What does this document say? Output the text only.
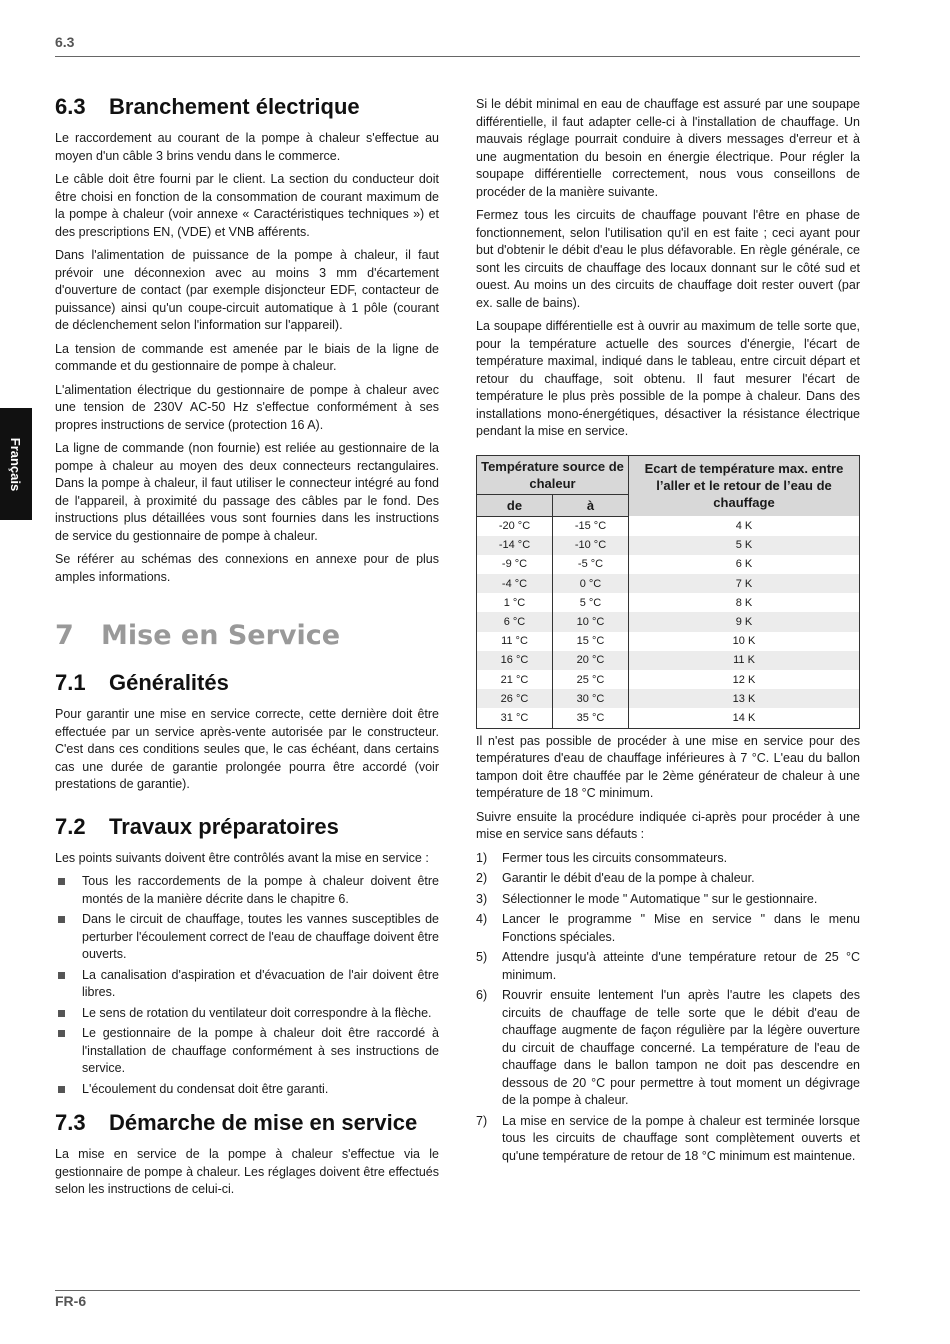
6.3
Français
6.3	Branchement électrique

Le raccordement au courant de la pompe à chaleur s'effectue au moyen d'un câble 3 brins vendu dans le commerce.

Le câble doit être fourni par le client. La section du conducteur doit être choisi en fonction de la consommation de courant maximum de la pompe à chaleur (voir annexe « Caractéristiques techniques ») et des prescriptions EN, (VDE) et VNB afférents.

Dans l'alimentation de puissance de la pompe à chaleur, il faut prévoir une déconnexion avec au moins 3 mm d'écartement d'ouverture de contact (par exemple disjoncteur EDF, contacteur de puissance) ainsi qu'un coupe-circuit automatique à 1 pôle (courant de déclenchement selon l'information sur l'appareil).

La tension de commande est amenée par le biais de la ligne de commande et du gestionnaire de pompe à chaleur.

L'alimentation électrique du gestionnaire de pompe à chaleur avec une tension de 230V AC-50 Hz s'effectue conformément à ses propres instructions de service (protection 16 A).

La ligne de commande (non fournie) est reliée au gestionnaire de la pompe à chaleur au moyen des deux connecteurs rectangulaires. Dans la pompe à chaleur, il faut utiliser le connecteur intégré au fond de l'appareil, à proximité du passage des câbles par le fond. Des instructions plus détaillées vous sont fournies dans les instructions de service du gestionnaire de pompe à chaleur.

Se référer au schémas des connexions en annexe pour de plus amples informations.

7	Mise en Service
7.1	Généralités

Pour garantir une mise en service correcte, cette dernière doit être effectuée par un service après-vente autorisée par le constructeur. C'est dans ces conditions seules que, le cas échéant, dans certains cas une durée de garantie prolongée pourra être accordé (voir prestations de garantie).

7.2	Travaux préparatoires

Les points suivants doivent être contrôlés avant la mise en service :

Tous les raccordements de la pompe à chaleur doivent être montés de la manière décrite dans le chapitre 6.
Dans le circuit de chauffage, toutes les vannes susceptibles de perturber l'écoulement correct de l'eau de chauffage doivent être ouverts.
La canalisation d'aspiration et d'évacuation de l'air doivent être libres.
Le sens de rotation du ventilateur doit correspondre à la flèche.
Le gestionnaire de la pompe à chaleur doit être raccordé à l'installation de chauffage conformément à ses instructions de service.
L'écoulement du condensat doit être garanti.
7.3	Démarche de mise en service

La mise en service de la pompe à chaleur s'effectue via le gestionnaire de pompe à chaleur. Les réglages doivent être effectués selon les instructions de celui-ci.

Si le débit minimal en eau de chauffage est assuré par une soupape différentielle, il faut adapter celle-ci à l'installation de chauffage. Un mauvais réglage pourrait conduire à divers messages d'erreur et à une augmentation du besoin en énergie électrique. Pour régler la soupape différentielle correctement, nous vous conseillons de procéder de la manière suivante.

Fermez tous les circuits de chauffage pouvant l'être en phase de fonctionnement, selon l'utilisation qu'il en est faite ; ceci ayant pour but d'obtenir le débit d'eau le plus défavorable. En règle générale, ce sont les circuits de chauffage des locaux donnant sur le côté sud et ouest. Au moins un des circuits de chauffage doit rester ouvert (par ex. salle de bains).

La soupape différentielle est à ouvrir au maximum de telle sorte que, pour la température actuelle des sources d'énergie, l'écart de température maximal, indiqué dans le tableau, entre circuit départ et retour du chauffage, soit obtenu. Il faut mesurer l'écart de température le plus près possible de la pompe à chaleur. Dans des installations mono-énergétiques, désactiver la résistance électrique pendant la mise en service.

Température source de chaleur		Ecart de température max. entre l’aller et le retour de l’eau de chauffage
de	à	
-20 °C	-15 °C	4 K
-14 °C	-10 °C	5 K
-9 °C	-5 °C	6 K
-4 °C	0 °C	7 K
1 °C	5 °C	8 K
6 °C	10 °C	9 K
11 °C	15 °C	10 K
16 °C	20 °C	11 K
21 °C	25 °C	12 K
26 °C	30 °C	13 K
31 °C	35 °C	14 K

Il n'est pas possible de procéder à une mise en service pour des températures d'eau de chauffage inférieures à 7 °C. L'eau du ballon tampon doit être chauffée par le 2ème générateur de chaleur à une température de 18 °C minimum.

Suivre ensuite la procédure indiquée ci-après pour procéder à une mise en service sans défauts :

1)	Fermer tous les circuits consommateurs.
2)	Garantir le débit d'eau de la pompe à chaleur.
3)	Sélectionner le mode " Automatique " sur le gestionnaire.
4)	Lancer le programme " Mise en service " dans le menu Fonctions spéciales.
5)	Attendre jusqu'à atteinte d'une température retour de 25 °C minimum.
6)	Rouvrir ensuite lentement l'un après l'autre les clapets des circuits de chauffage de telle sorte que le débit d'eau de chauffage augmente de façon régulière par la légère ouverture du circuit de chauffage concerné. La température de l'eau de chauffage dans le ballon tampon ne doit pas descendre en dessous de 20 °C pour permettre à tout moment un dégivrage de la pompe à chaleur.
7)	La mise en service de la pompe à chaleur est terminée lorsque tous les circuits de chauffage sont complètement ouverts et qu'une température de retour de 18 °C minimum est maintenue.
FR-6
